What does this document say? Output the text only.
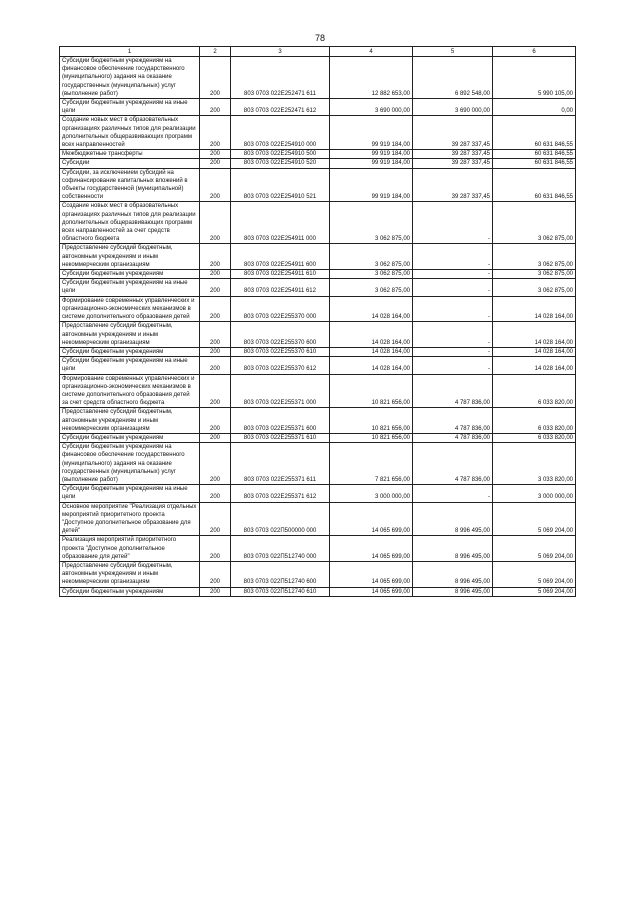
78
1	2	3	4	5	6
Субсидии бюджетным учреждениям на финансовое обеспечение государственного (муниципального) задания на оказание государственных (муниципальных) услуг (выполнение работ)	200	803 0703 022E252471 611	12 882 653,00	6 892 548,00	5 990 105,00
Субсидии бюджетным учреждениям на иные цели	200	803 0703 022E252471 612	3 690 000,00	3 690 000,00	0,00
Создание новых мест в образовательных организациях различных типов для реализации дополнительных общеразвивающих программ всех направленностей	200	803 0703 022E254910 000	99 919 184,00	39 287 337,45	60 631 846,55
Межбюджетные трансферты	200	803 0703 022E254910 500	99 919 184,00	39 287 337,45	60 631 846,55
Субсидии	200	803 0703 022E254910 520	99 919 184,00	39 287 337,45	60 631 846,55
Субсидии, за исключением субсидий на софинансирование капитальных вложений в объекты государственной (муниципальной) собственности	200	803 0703 022E254910 521	99 919 184,00	39 287 337,45	60 631 846,55
Создание новых мест в образовательных организациях различных типов для реализации дополнительных общеразвивающих программ всех направленностей за счет средств областного бюджета	200	803 0703 022E254911 000	3 062 875,00	-	3 062 875,00
Предоставление субсидий бюджетным, автономным учреждениям и иным некоммерческим организациям	200	803 0703 022E254911 600	3 062 875,00	-	3 062 875,00
Субсидии бюджетным учреждениям	200	803 0703 022E254911 610	3 062 875,00	-	3 062 875,00
Субсидии бюджетным учреждениям на иные цели	200	803 0703 022E254911 612	3 062 875,00	-	3 062 875,00
Формирование современных управленческих и организационно-экономических механизмов в системе дополнительного образования детей	200	803 0703 022E255370 000	14 028 164,00	-	14 028 164,00
Предоставление субсидий бюджетным, автономным учреждениям и иным некоммерческим организациям	200	803 0703 022E255370 600	14 028 164,00	-	14 028 164,00
Субсидии бюджетным учреждениям	200	803 0703 022E255370 610	14 028 164,00	-	14 028 164,00
Субсидии бюджетным учреждениям на иные цели	200	803 0703 022E255370 612	14 028 164,00	-	14 028 164,00
Формирование современных управленческих и организационно-экономических механизмов в системе дополнительного образования детей за счет средств областного бюджета	200	803 0703 022E255371 000	10 821 656,00	4 787 836,00	6 033 820,00
Предоставление субсидий бюджетным, автономным учреждениям и иным некоммерческим организациям	200	803 0703 022E255371 600	10 821 656,00	4 787 836,00	6 033 820,00
Субсидии бюджетным учреждениям	200	803 0703 022E255371 610	10 821 656,00	4 787 836,00	6 033 820,00
Субсидии бюджетным учреждениям на финансовое обеспечение государственного (муниципального) задания на оказание государственных (муниципальных) услуг (выполнение работ)	200	803 0703 022E255371 611	7 821 656,00	4 787 836,00	3 033 820,00
Субсидии бюджетным учреждениям на иные цели	200	803 0703 022E255371 612	3 000 000,00	-	3 000 000,00
Основное мероприятие "Реализация отдельных мероприятий приоритетного проекта "Доступное дополнительное образование для детей"	200	803 0703 022П500000 000	14 065 699,00	8 996 495,00	5 069 204,00
Реализация мероприятий приоритетного проекта "Доступное дополнительное образование для детей"	200	803 0703 022П512740 000	14 065 699,00	8 996 495,00	5 069 204,00
Предоставление субсидий бюджетным, автономным учреждениям и иным некоммерческим организациям	200	803 0703 022П512740 600	14 065 699,00	8 996 495,00	5 069 204,00
Субсидии бюджетным учреждениям	200	803 0703 022П512740 610	14 065 699,00	8 996 495,00	5 069 204,00
